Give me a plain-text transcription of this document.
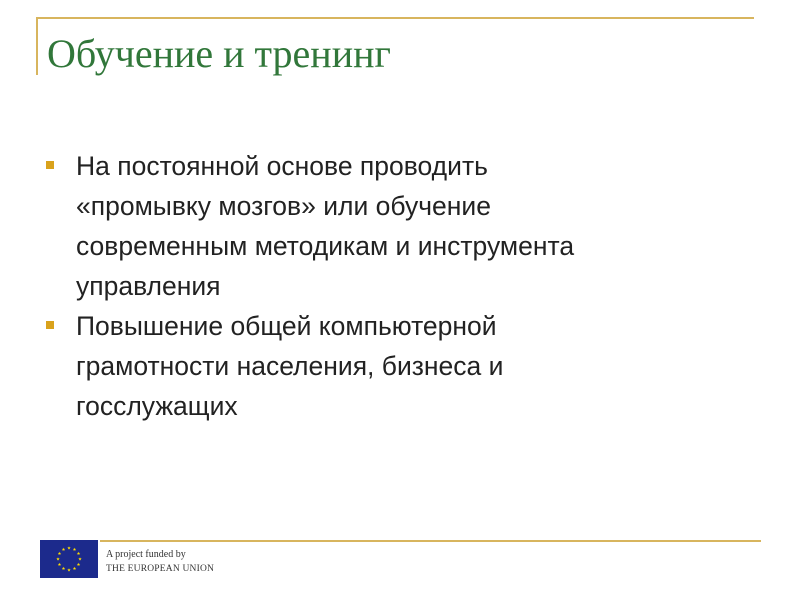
Обучение и тренинг
На постоянной основе проводить
«промывку мозгов» или обучение
современным методикам и инструмента
управления
Повышение общей компьютерной
грамотности населения, бизнеса и
госслужащих
A project funded by
THE EUROPEAN UNION
